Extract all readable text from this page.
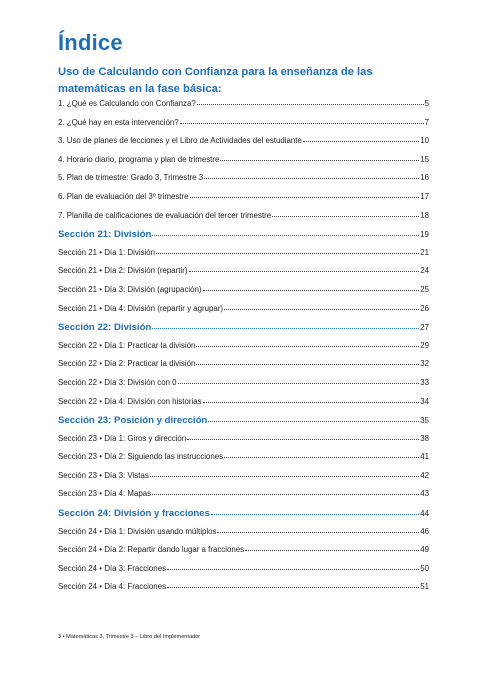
Índice
Uso de Calculando con Confianza para la enseñanza de las matemáticas en la fase básica:
1. ¿Qué es Calculando con Confianza?	5
2. ¿Qué hay en esta intervención?	7
3. Uso de planes de lecciones y el Libro de Actividades del estudiante	10
4. Horario diario, programa y plan de trimestre	15
5. Plan de trimestre: Grado 3, Trimestre 3	16
6. Plan de evaluación del 3º trimestre	17
7. Planilla de calificaciones de evaluación del tercer trimestre	18
Sección 21: División	19
Sección 21 • Día 1: División	21
Sección 21 • Día 2: División (repartir)	24
Sección 21 • Día 3: División (agrupación)	25
Sección 21 • Día 4: División (repartir y agrupar)	26
Sección 22: División	27
Sección 22 • Día 1: Practicar la división	29
Sección 22 • Día 2: Practicar la división	32
Sección 22 • Día 3: División con 0	33
Sección 22 • Día 4: División con historias	34
Sección 23: Posición y dirección	35
Sección 23 • Día 1: Giros y dirección	38
Sección 23 • Día 2: Siguiendo las instrucciones	41
Sección 23 • Día 3: Vistas	42
Sección 23 • Día 4: Mapas	43
Sección 24: División y fracciones	44
Sección 24 • Día 1: División usando múltiplos	46
Sección 24 • Día 2: Repartir dando lugar a fracciones	49
Sección 24 • Día 3: Fracciones	50
Sección 24 • Día 4: Fracciones	51
3 • Matemáticas 3, Trimestre 3 – Libro del Implementador
